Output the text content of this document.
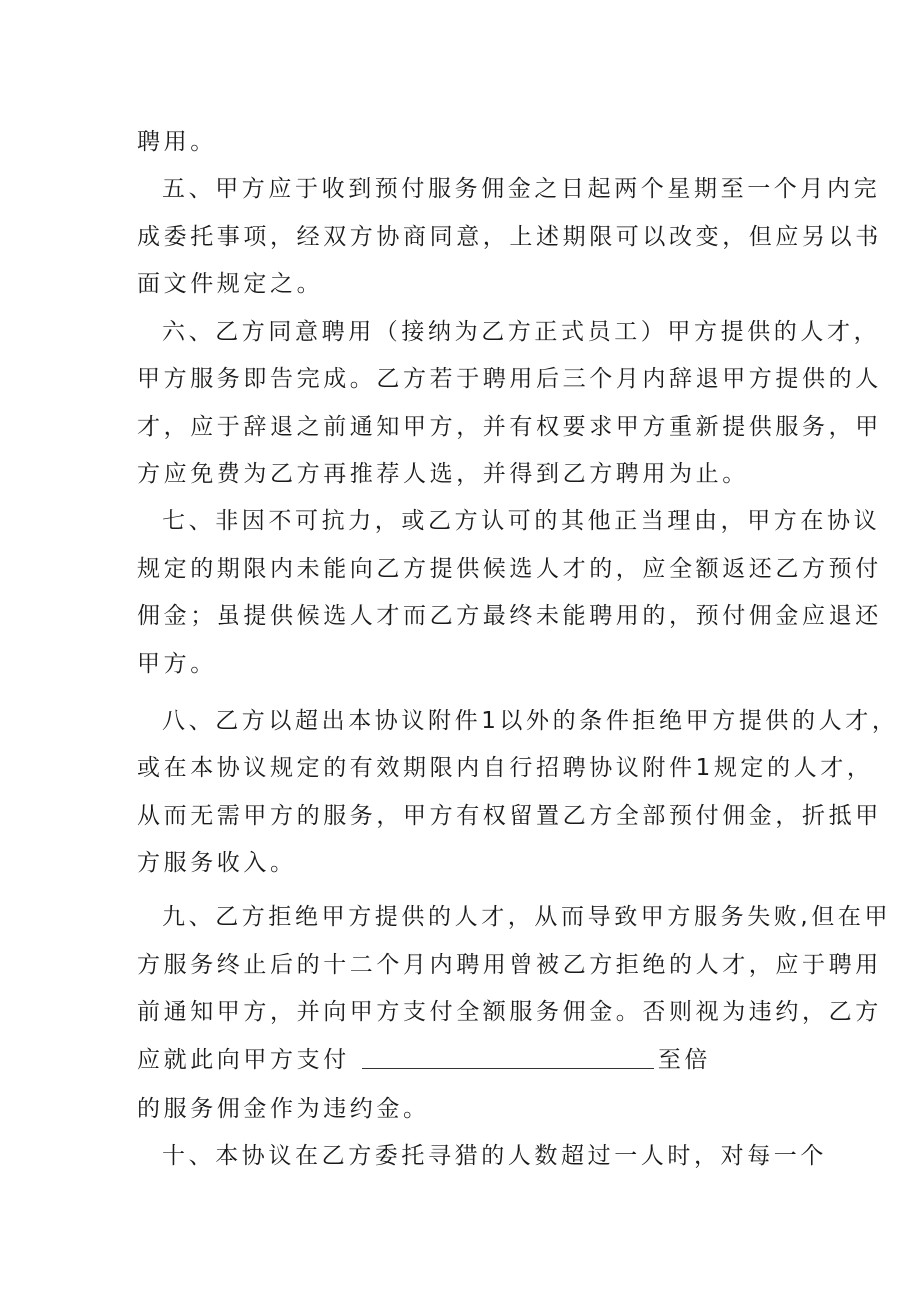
聘用。
五、甲方应于收到预付服务佣金之日起两个星期至一个月内完
成委托事项，经双方协商同意，上述期限可以改变，但应另以书
面文件规定之。
六、乙方同意聘用（接纳为乙方正式员工）甲方提供的人才，
甲方服务即告完成。乙方若于聘用后三个月内辞退甲方提供的人
才，应于辞退之前通知甲方，并有权要求甲方重新提供服务，甲
方应免费为乙方再推荐人选，并得到乙方聘用为止。
七、非因不可抗力，或乙方认可的其他正当理由，甲方在协议
规定的期限内未能向乙方提供候选人才的，应全额返还乙方预付
佣金；虽提供候选人才而乙方最终未能聘用的，预付佣金应退还
甲方。
八、乙方以超出本协议附件1以外的条件拒绝甲方提供的人才，
或在本协议规定的有效期限内自行招聘协议附件1规定的人才，
从而无需甲方的服务，甲方有权留置乙方全部预付佣金，折抵甲
方服务收入。
九、乙方拒绝甲方提供的人才，从而导致甲方服务失败,但在甲
方服务终止后的十二个月内聘用曾被乙方拒绝的人才，应于聘用
前通知甲方，并向甲方支付全额服务佣金。否则视为违约，乙方
应就此向甲方支付	至倍
的服务佣金作为违约金。
十、本协议在乙方委托寻猎的人数超过一人时，对每一个
